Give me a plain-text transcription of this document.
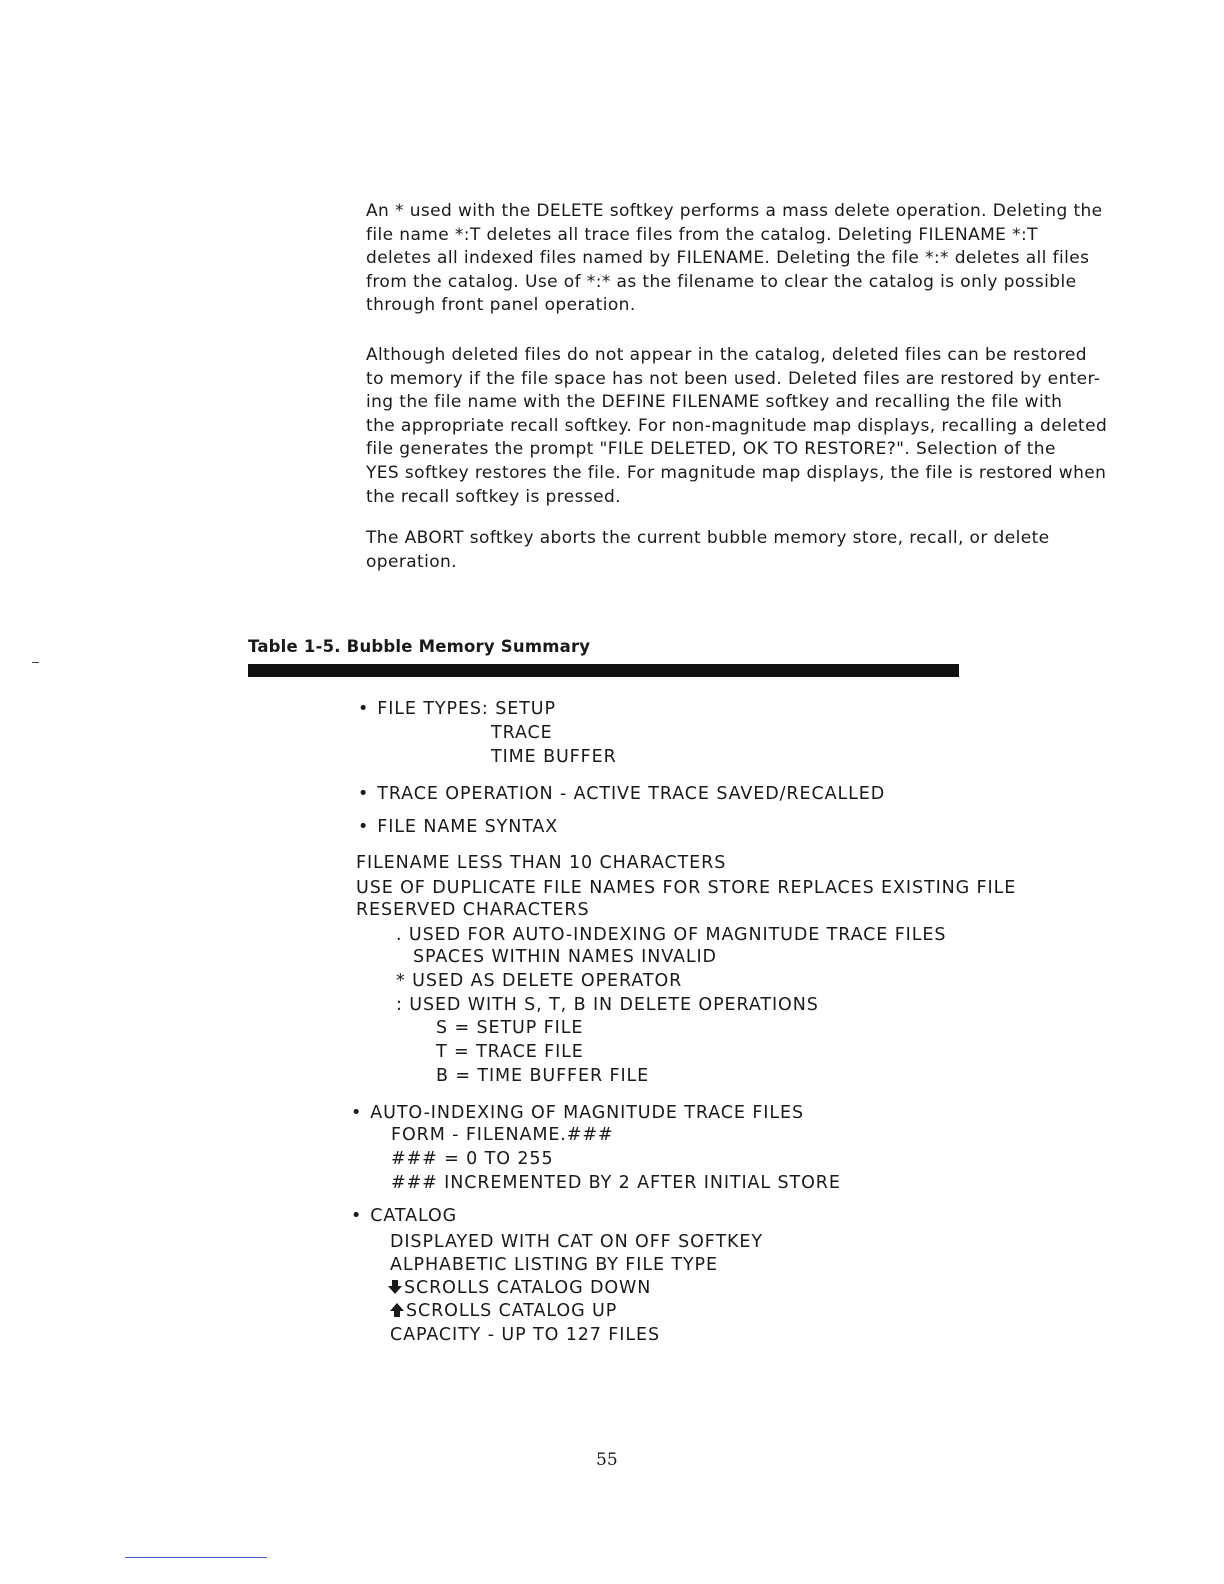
An * used with the DELETE softkey performs a mass delete operation. Deleting the
file name *:T deletes all trace files from the catalog. Deleting FILENAME *:T
deletes all indexed files named by FILENAME. Deleting the file *:* deletes all files
from the catalog. Use of *:* as the filename to clear the catalog is only possible
through front panel operation.
Although deleted files do not appear in the catalog, deleted files can be restored
to memory if the file space has not been used. Deleted files are restored by enter-
ing the file name with the DEFINE FILENAME softkey and recalling the file with
the appropriate recall softkey. For non-magnitude map displays, recalling a deleted
file generates the prompt "FILE DELETED, OK TO RESTORE?". Selection of the
YES softkey restores the file. For magnitude map displays, the file is restored when
the recall softkey is pressed.
The ABORT softkey aborts the current bubble memory store, recall, or delete
operation.
Table 1-5. Bubble Memory Summary
• FILE TYPES: SETUP
TRACE
TIME BUFFER
• TRACE OPERATION - ACTIVE TRACE SAVED/RECALLED
• FILE NAME SYNTAX
FILENAME LESS THAN 10 CHARACTERS
USE OF DUPLICATE FILE NAMES FOR STORE REPLACES EXISTING FILE
RESERVED CHARACTERS
. USED FOR AUTO-INDEXING OF MAGNITUDE TRACE FILES
SPACES WITHIN NAMES INVALID
* USED AS DELETE OPERATOR
: USED WITH S, T, B IN DELETE OPERATIONS
S = SETUP FILE
T = TRACE FILE
B = TIME BUFFER FILE
• AUTO-INDEXING OF MAGNITUDE TRACE FILES
FORM - FILENAME.###
### = 0 TO 255
### INCREMENTED BY 2 AFTER INITIAL STORE
• CATALOG
DISPLAYED WITH CAT ON OFF SOFTKEY
ALPHABETIC LISTING BY FILE TYPE
SCROLLS CATALOG DOWN
SCROLLS CATALOG UP
CAPACITY - UP TO 127 FILES
55
